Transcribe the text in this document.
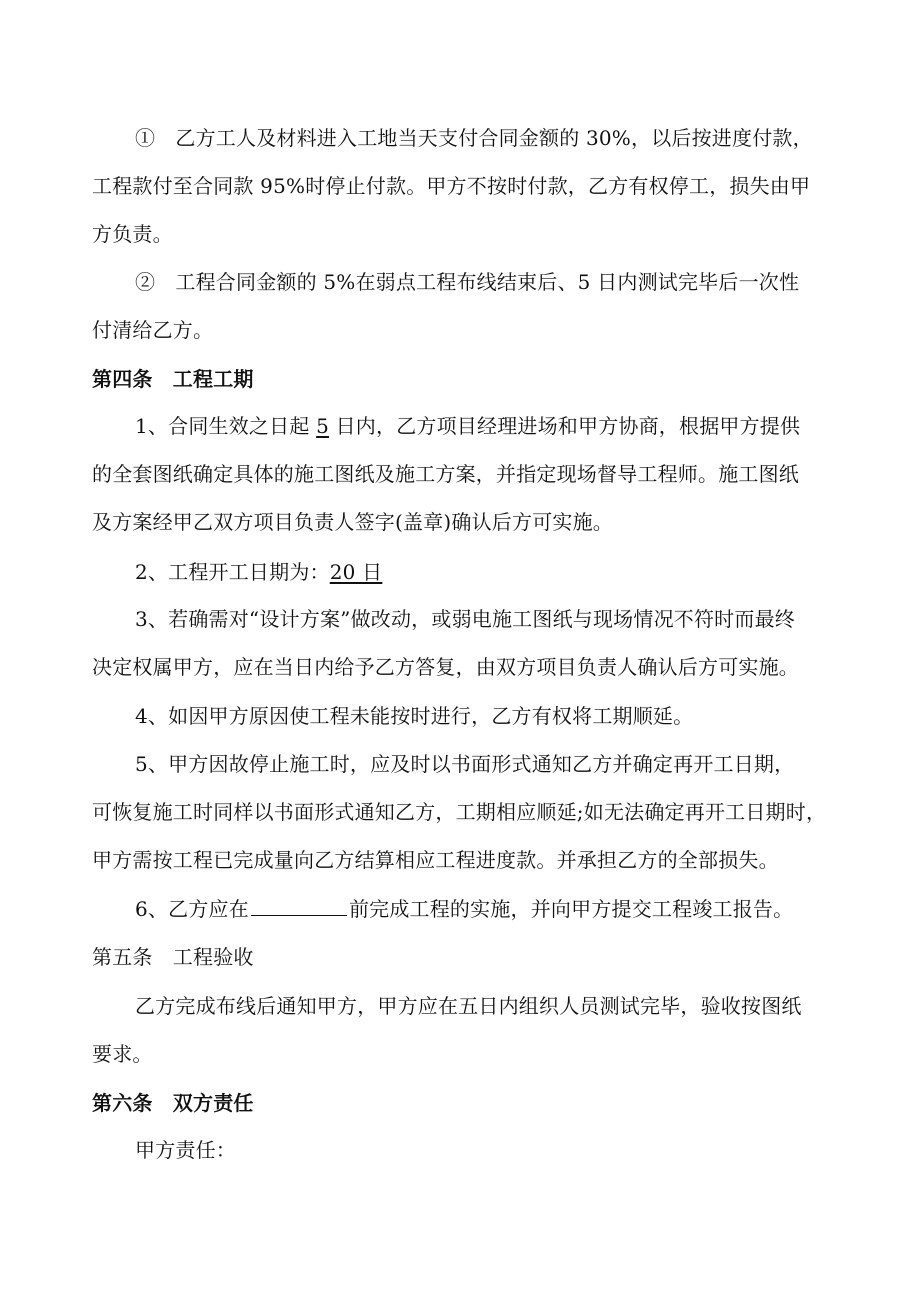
①　乙方工人及材料进入工地当天支付合同金额的 30%，以后按进度付款，
工程款付至合同款 95%时停止付款。甲方不按时付款，乙方有权停工，损失由甲
方负责。
②　工程合同金额的 5%在弱点工程布线结束后、5 日内测试完毕后一次性
付清给乙方。
第四条　工程工期
1、合同生效之日起 5 日内，乙方项目经理进场和甲方协商，根据甲方提供
的全套图纸确定具体的施工图纸及施工方案，并指定现场督导工程师。施工图纸
及方案经甲乙双方项目负责人签字(盖章)确认后方可实施。
2、工程开工日期为：20 日
3、若确需对“设计方案”做改动，或弱电施工图纸与现场情况不符时而最终
决定权属甲方，应在当日内给予乙方答复，由双方项目负责人确认后方可实施。
4、如因甲方原因使工程未能按时进行，乙方有权将工期顺延。
5、甲方因故停止施工时，应及时以书面形式通知乙方并确定再开工日期，
可恢复施工时同样以书面形式通知乙方，工期相应顺延;如无法确定再开工日期时，
甲方需按工程已完成量向乙方结算相应工程进度款。并承担乙方的全部损失。
6、乙方应在	前完成工程的实施，并向甲方提交工程竣工报告。
第五条　工程验收
乙方完成布线后通知甲方，甲方应在五日内组织人员测试完毕，验收按图纸
要求。
第六条　双方责任
甲方责任：
